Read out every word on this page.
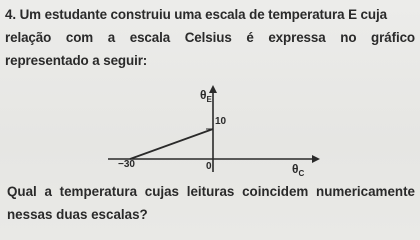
4. Um estudante construiu uma escala de temperatura E cuja
relação com a escala Celsius é expressa no gráfico
representado a seguir:
$\theta_E$
10
0
−30	$\theta_C$
Qual a temperatura cujas leituras coincidem numericamente
nessas duas escalas?
